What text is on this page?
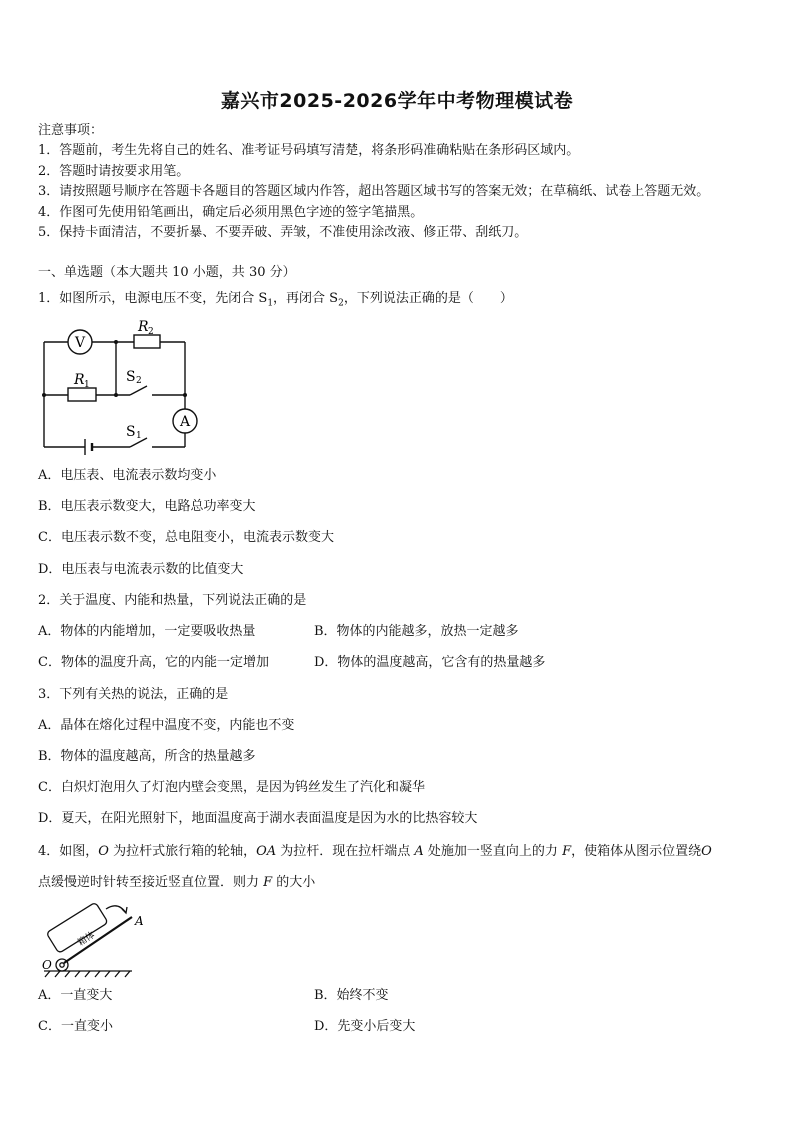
嘉兴市2025-2026学年中考物理模试卷
注意事项：
1．答题前，考生先将自己的姓名、准考证号码填写清楚，将条形码准确粘贴在条形码区域内。
2．答题时请按要求用笔。
3．请按照题号顺序在答题卡各题目的答题区域内作答，超出答题区域书写的答案无效；在草稿纸、试卷上答题无效。
4．作图可先使用铅笔画出，确定后必须用黑色字迹的签字笔描黑。
5．保持卡面清洁，不要折暴、不要弄破、弄皱，不准使用涂改液、修正带、刮纸刀。
一、单选题（本大题共 10 小题，共 30 分）
1．如图所示，电源电压不变，先闭合 $S_1$，再闭合 $S_2$，下列说法正确的是（　　）
V
A
R 2
R 1	S 2
S 1
A．电压表、电流表示数均变小
B．电压表示数变大，电路总功率变大
C．电压表示数不变，总电阻变小，电流表示数变大
D．电压表与电流表示数的比值变大
2．关于温度、内能和热量，下列说法正确的是
A．物体的内能增加，一定要吸收热量	B．物体的内能越多，放热一定越多
C．物体的温度升高，它的内能一定增加	D．物体的温度越高，它含有的热量越多
3．下列有关热的说法，正确的是
A．晶体在熔化过程中温度不变，内能也不变
B．物体的温度越高，所含的热量越多
C．白炽灯泡用久了灯泡内壁会变黑，是因为钨丝发生了汽化和凝华
D．夏天，在阳光照射下，地面温度高于湖水表面温度是因为水的比热容较大
4．如图，O 为拉杆式旅行箱的轮轴，OA 为拉杆．现在拉杆端点 A 处施加一竖直向上的力 F，使箱体从图示位置绕O
点缓慢逆时针转至接近竖直位置．则力 F 的大小
箱体
A
O
A．一直变大	B．始终不变
C．一直变小	D．先变小后变大
